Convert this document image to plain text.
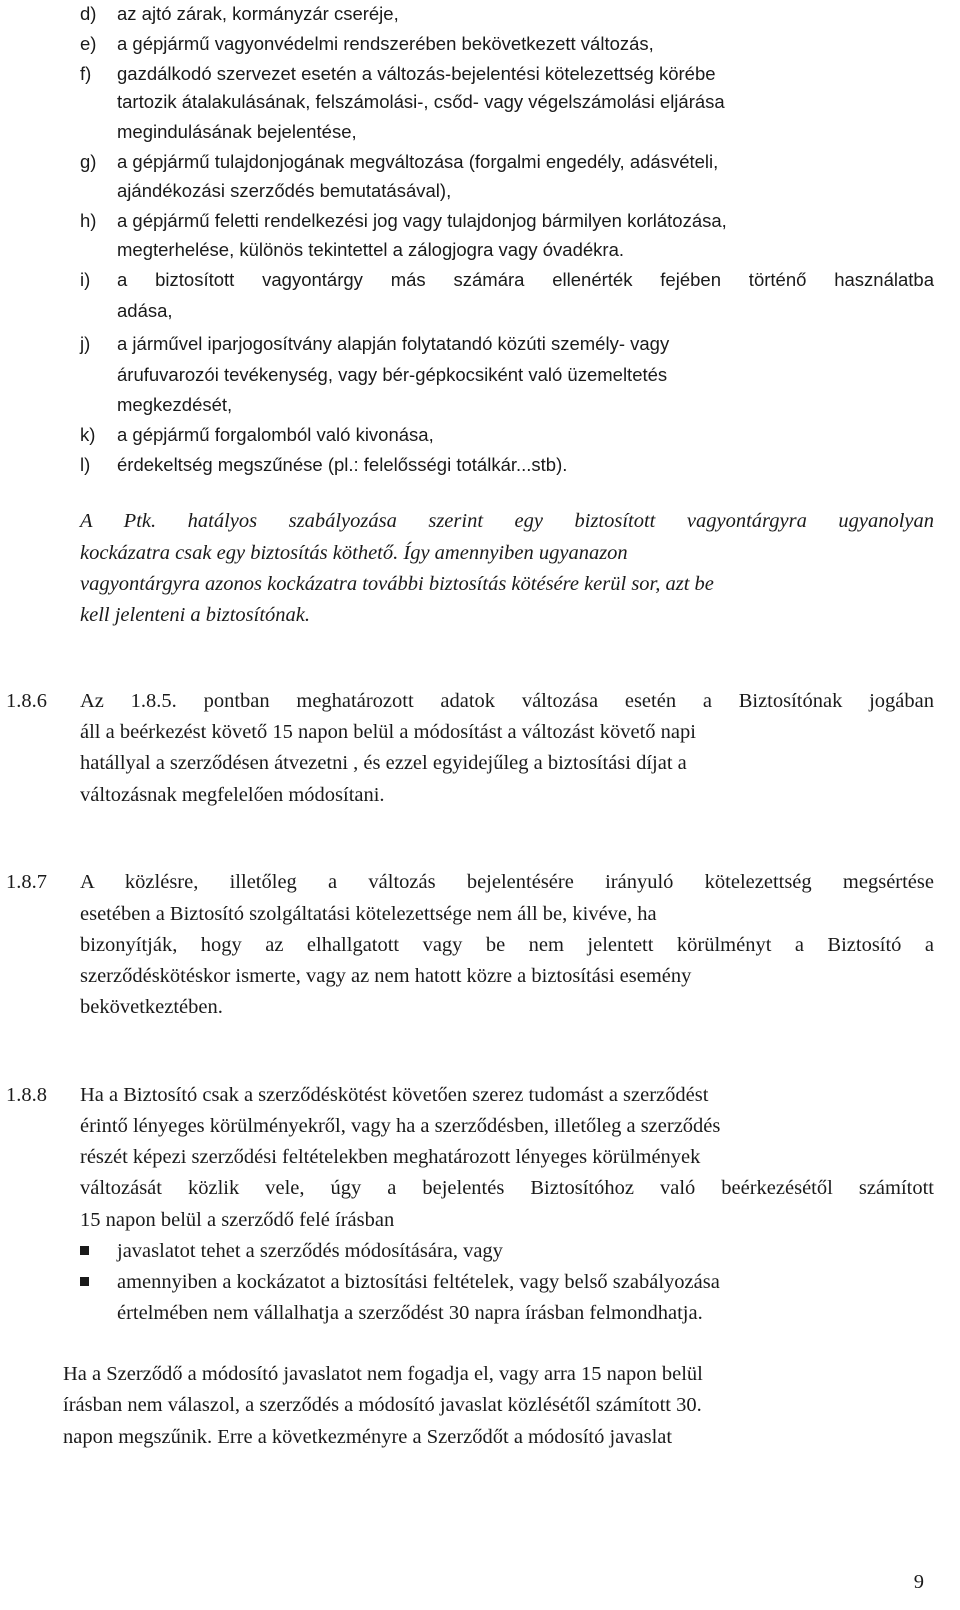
d) az ajtó zárak, kormányzár cseréje,
e) a gépjármű vagyonvédelmi rendszerében bekövetkezett változás,
f) gazdálkodó szervezet esetén a változás-bejelentési kötelezettség körébe
tartozik átalakulásának, felszámolási-, csőd- vagy végelszámolási eljárása
megindulásának bejelentése,
g) a gépjármű tulajdonjogának megváltozása (forgalmi engedély, adásvételi,
ajándékozási szerződés bemutatásával),
h) a gépjármű feletti rendelkezési jog vagy tulajdonjog bármilyen korlátozása,
megterhelése, különös tekintettel a zálogjogra vagy óvadékra.
i) a biztosított vagyontárgy más számára ellenérték fejében történő használatba
adása,
j) a járművel iparjogosítvány alapján folytatandó közúti személy- vagy
árufuvarozói tevékenység, vagy bér-gépkocsiként való üzemeltetés
megkezdését,
k) a gépjármű forgalomból való kivonása,
l) érdekeltség megszűnése (pl.: felelősségi totálkár...stb).
A Ptk. hatályos szabályozása szerint egy biztosított vagyontárgyra ugyanolyan
kockázatra csak egy biztosítás köthető. Így amennyiben ugyanazon
vagyontárgyra azonos kockázatra további biztosítás kötésére kerül sor, azt be
kell jelenteni a biztosítónak.
1.8.6 Az 1.8.5. pontban meghatározott adatok változása esetén a Biztosítónak jogában
áll a beérkezést követő 15 napon belül a módosítást a változást követő napi
hatállyal a szerződésen átvezetni , és ezzel egyidejűleg a biztosítási díjat a
változásnak megfelelően módosítani.
1.8.7 A közlésre, illetőleg a változás bejelentésére irányuló kötelezettség megsértése
esetében a Biztosító szolgáltatási kötelezettsége nem áll be, kivéve, ha
bizonyítják, hogy az elhallgatott vagy be nem jelentett körülményt a Biztosító a
szerződéskötéskor ismerte, vagy az nem hatott közre a biztosítási esemény
bekövetkeztében.
1.8.8 Ha a Biztosító csak a szerződéskötést követően szerez tudomást a szerződést
érintő lényeges körülményekről, vagy ha a szerződésben, illetőleg a szerződés
részét képezi szerződési feltételekben meghatározott lényeges körülmények
változását közlik vele, úgy a bejelentés Biztosítóhoz való beérkezésétől számított
15 napon belül a szerződő felé írásban
javaslatot tehet a szerződés módosítására, vagy
amennyiben a kockázatot a biztosítási feltételek, vagy belső szabályozása
értelmében nem vállalhatja a szerződést 30 napra írásban felmondhatja.
Ha a Szerződő a módosító javaslatot nem fogadja el, vagy arra 15 napon belül
írásban nem válaszol, a szerződés a módosító javaslat közlésétől számított 30.
napon megszűnik. Erre a következményre a Szerződőt a módosító javaslat
9
